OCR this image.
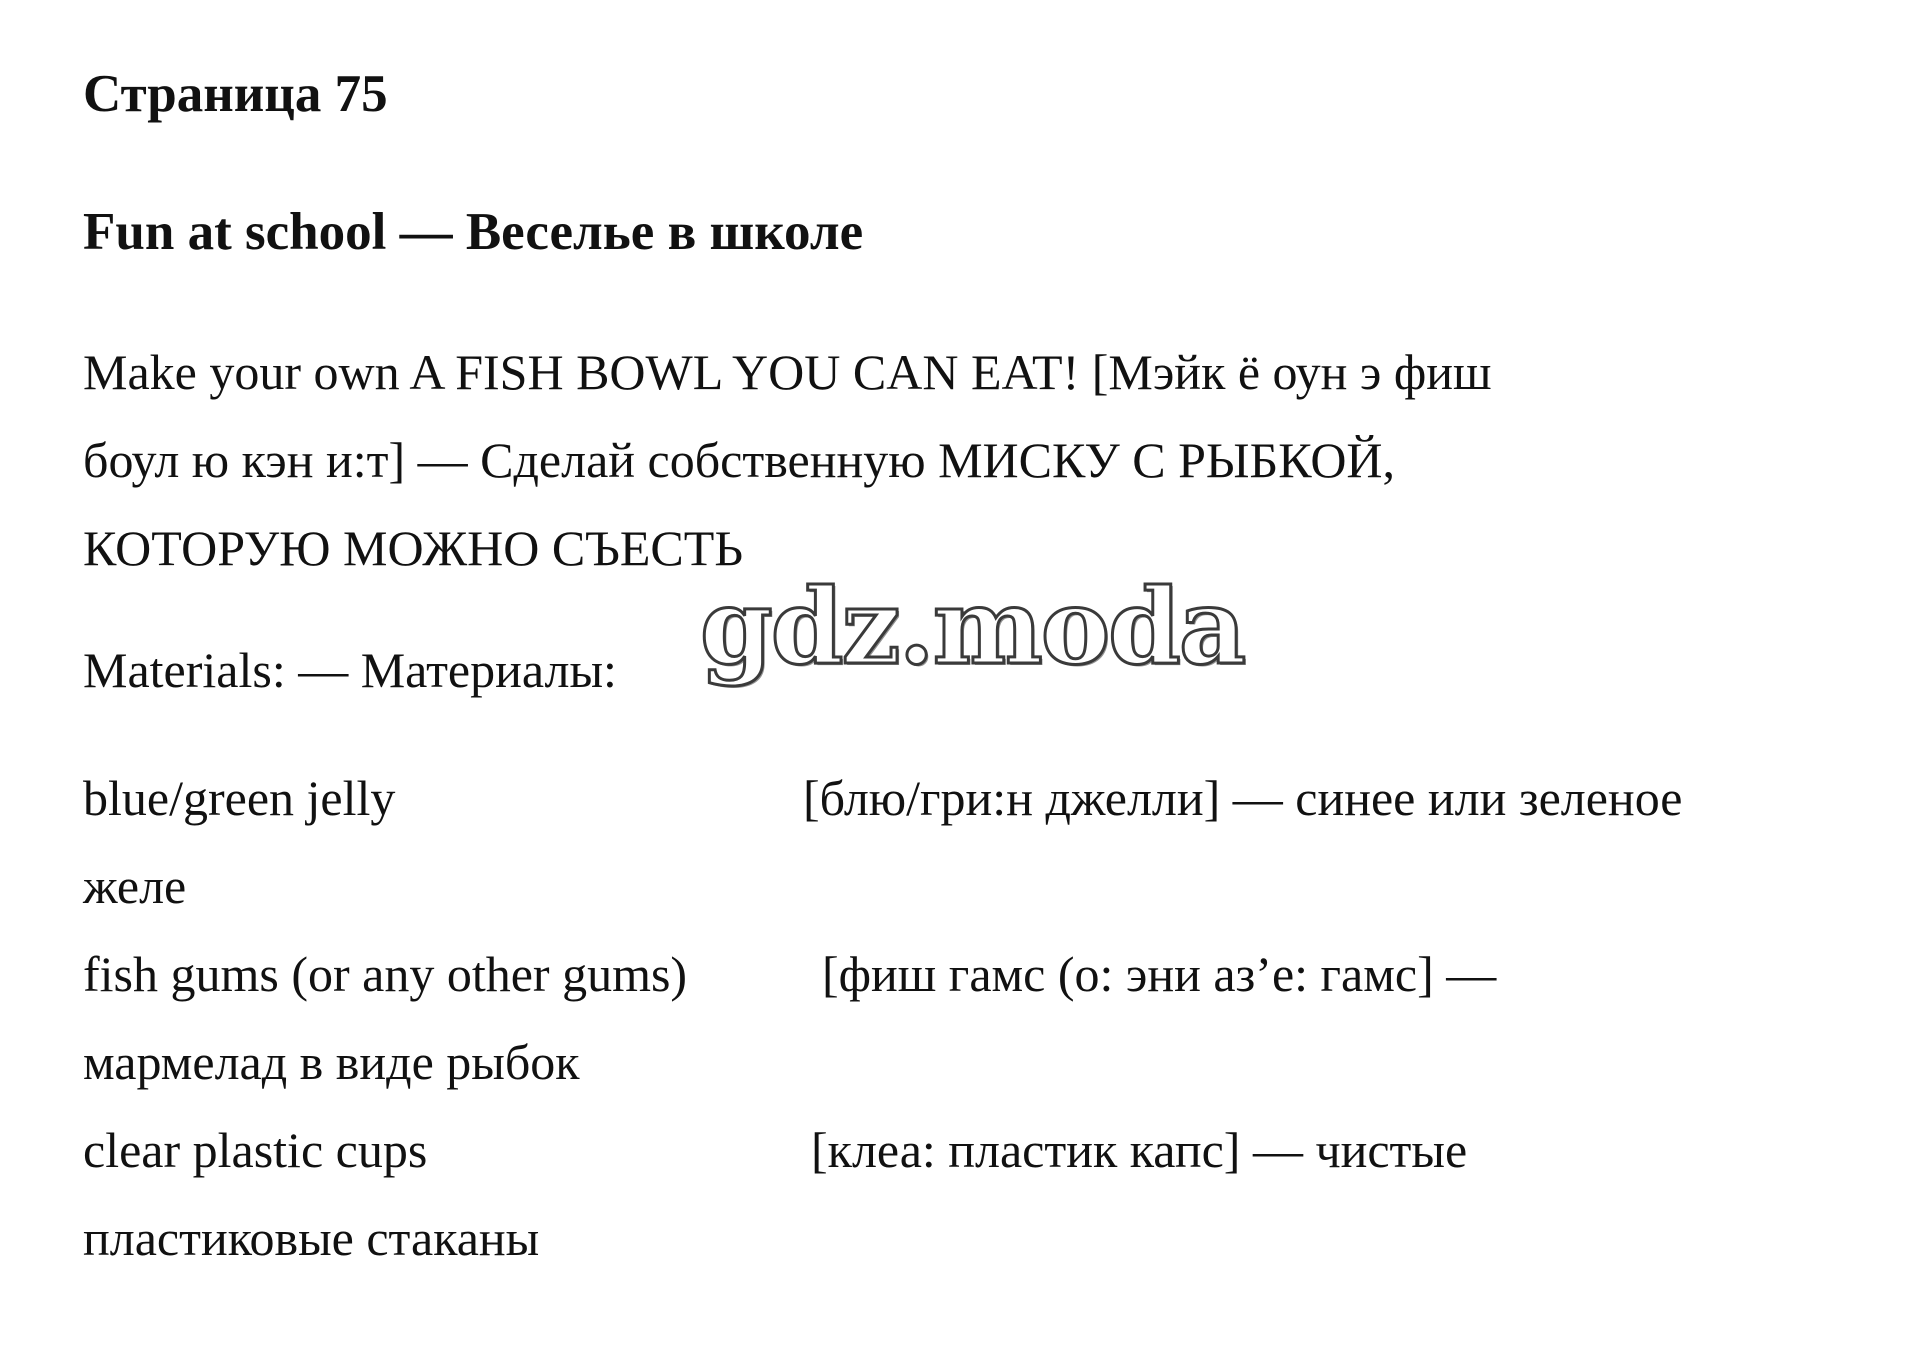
Страница 75
Fun at school — Веселье в школе
Make your own A FISH BOWL YOU CAN EAT! [Мэйк ё оун э фиш
боул ю кэн и:т] — Сделай собственную МИСКУ С РЫБКОЙ,
КОТОРУЮ МОЖНО СЪЕСТЬ
Materials: — Материалы:
blue/green jelly	[блю/гри:н джелли] — синее или зеленое
желе
fish gums (or any other gums)	[фиш гамс (о: эни аз’е: гамс] —
мармелад в виде рыбок
clear plastic cups	[клеа: пластик капс] — чистые
пластиковые стаканы
gdz.moda
